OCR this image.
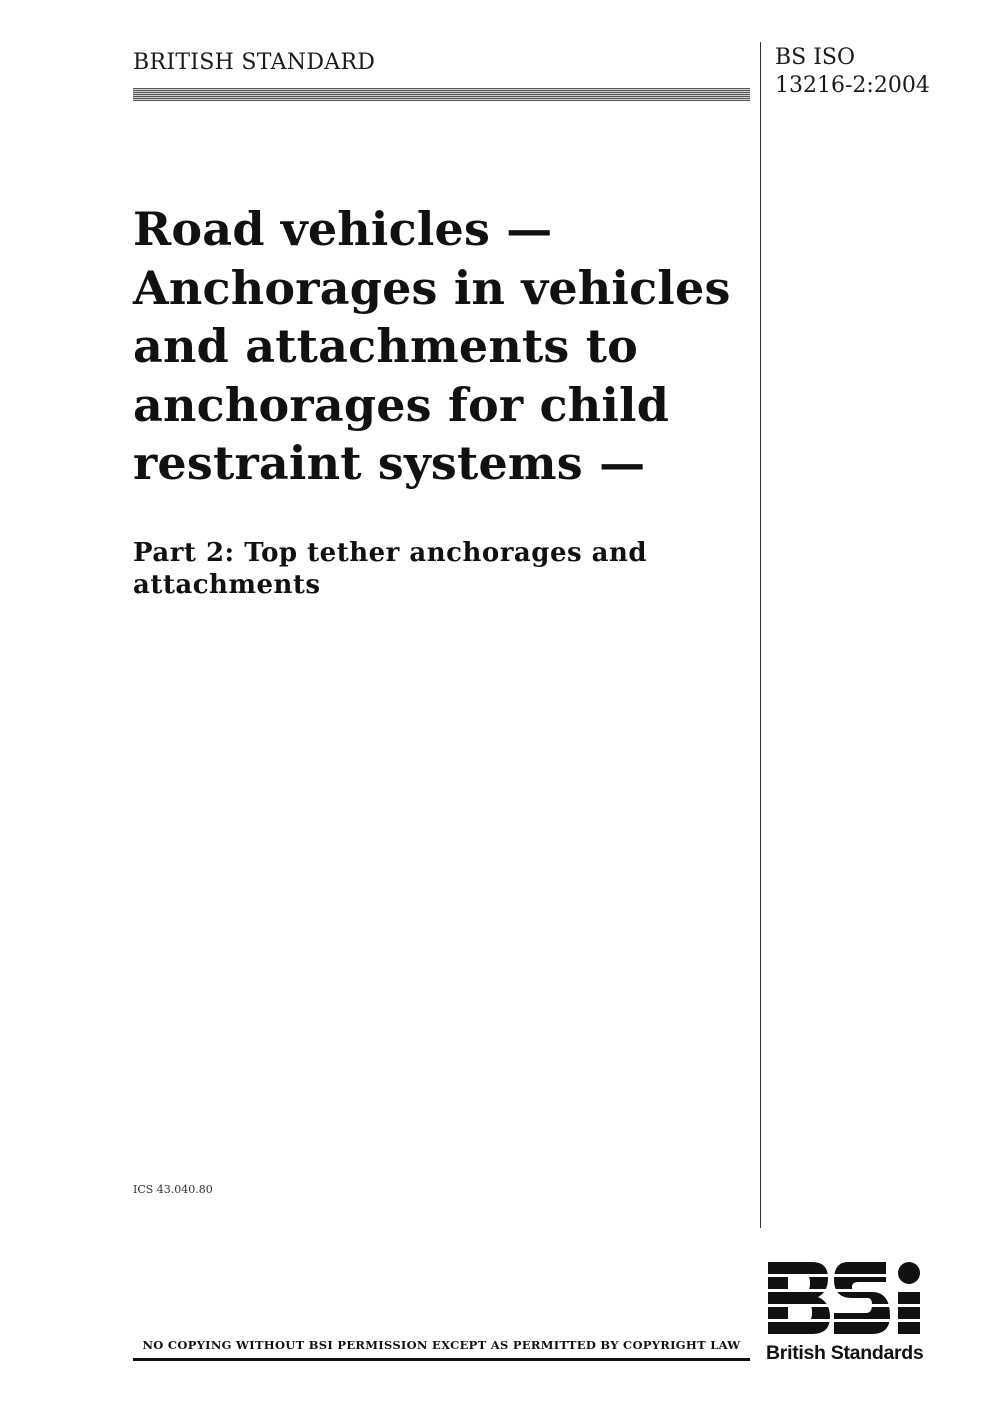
BRITISH STANDARD	BS ISO
13216-2:2004
Road vehicles —
Anchorages in vehicles
and attachments to
anchorages for child
restraint systems —
Part 2: Top tether anchorages and
attachments
ICS 43.040.80
NO COPYING WITHOUT BSI PERMISSION EXCEPT AS PERMITTED BY COPYRIGHT LAW	British Standards
